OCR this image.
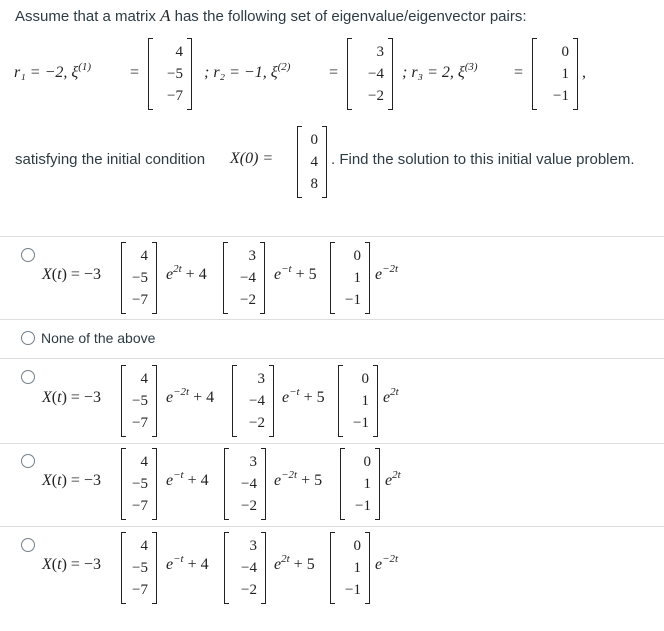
Assume that a matrix A has the following set of eigenvalue/eigenvector pairs:
r₁ = −2, $\xi^{(1)}$ =
4
−5
−7
; r₂ = −1, $\xi^{(2)}$ =
3
−4
−2
; r₃ = 2, $\xi^{(3)}$ =
0
1
−1
,
satisfying the initial condition X(0) =
0
4
8
. Find the solution to this initial value problem.
X(t) = −3
4
−5
−7
$e^{2t} + 4$
3
−4
−2
$e^{-t} + 5$
0
1
−1
$e^{-2t}$
None of the above
X(t) = −3
4
−5
−7
$e^{-2t} + 4$
3
−4
−2
$e^{-t} + 5$
0
1
−1
$e^{2t}$
X(t) = −3
4
−5
−7
$e^{-t} + 4$
3
−4
−2
$e^{-2t} + 5$
0
1
−1
$e^{2t}$
X(t) = −3
4
−5
−7
$e^{-t} + 4$
3
−4
−2
$e^{2t} + 5$
0
1
−1
$e^{-2t}$
